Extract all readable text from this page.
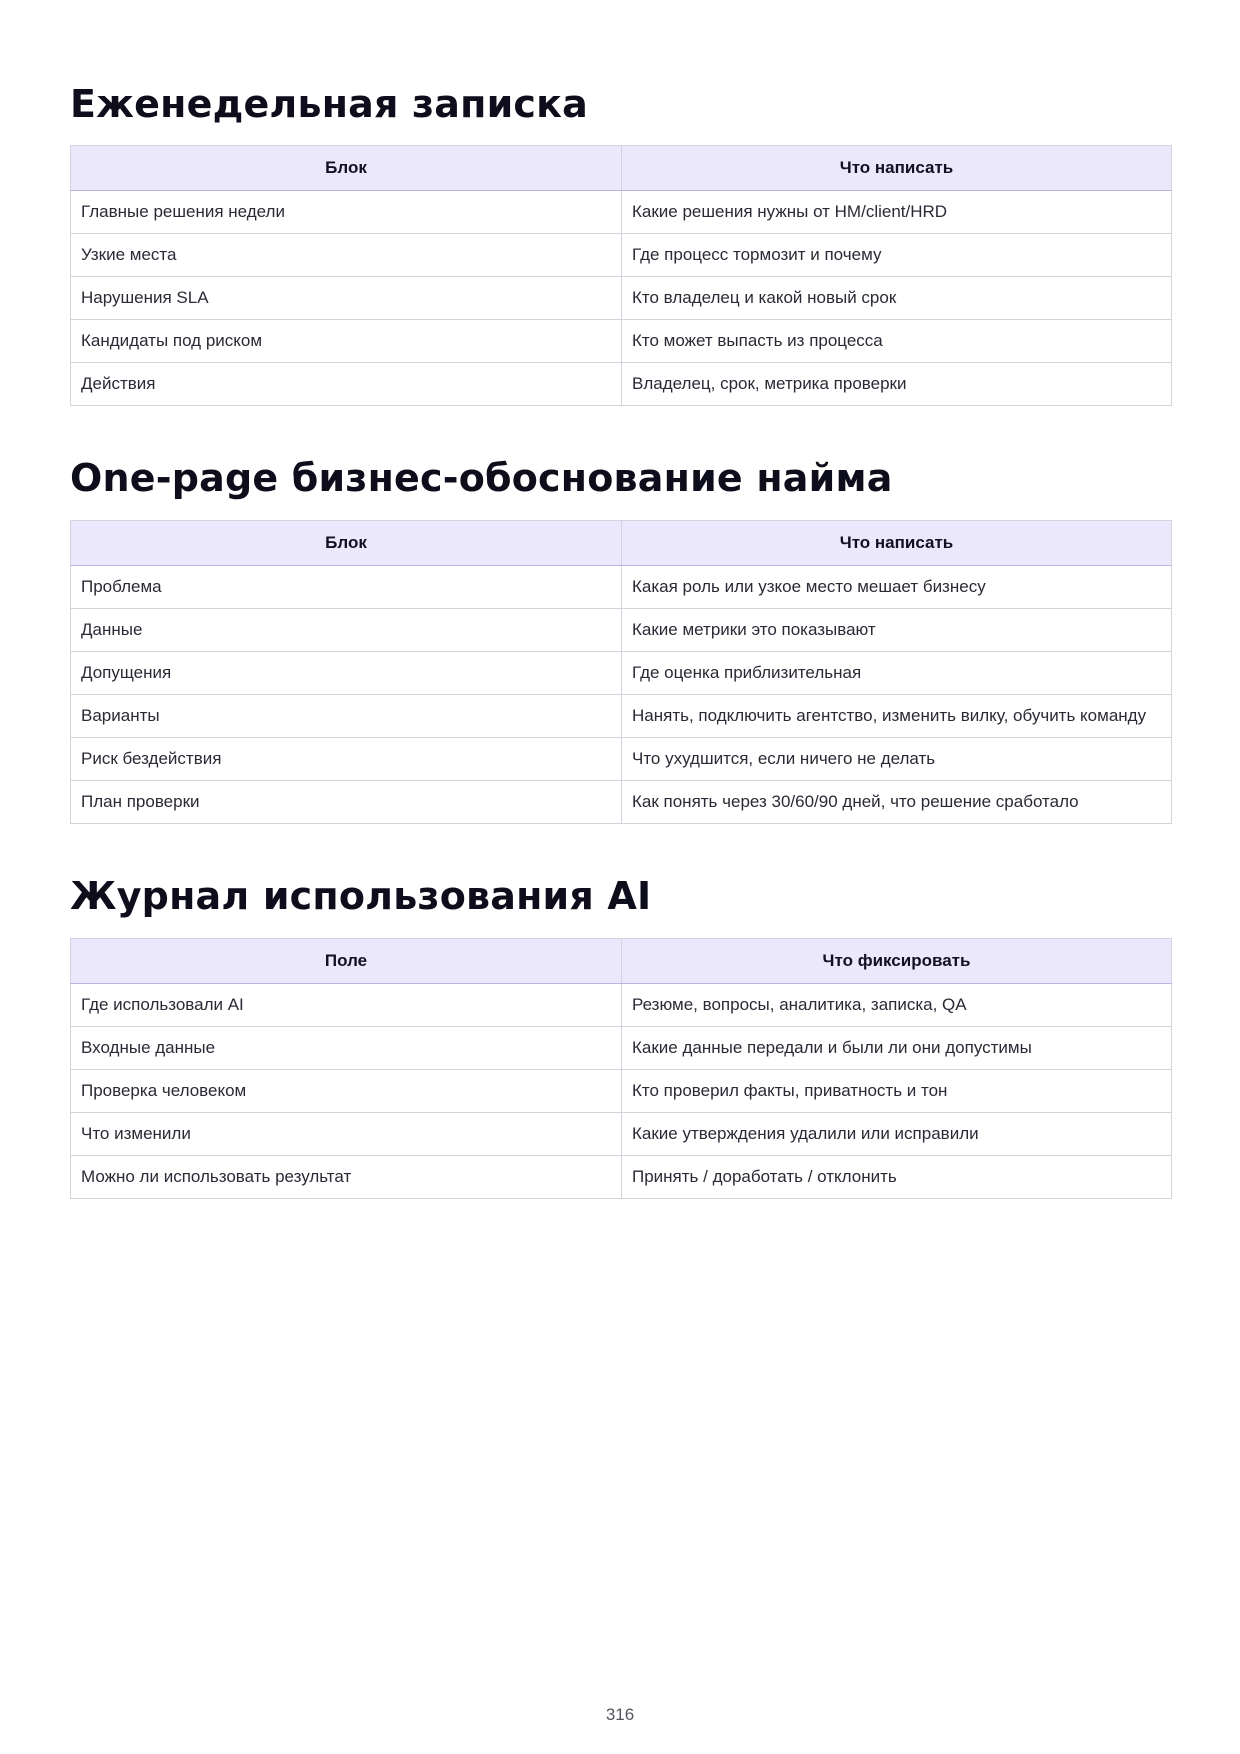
Еженедельная записка
Блок	Что написать
Главные решения недели	Какие решения нужны от HM/client/HRD
Узкие места	Где процесс тормозит и почему
Нарушения SLA	Кто владелец и какой новый срок
Кандидаты под риском	Кто может выпасть из процесса
Действия	Владелец, срок, метрика проверки
One-page бизнес-обоснование найма
Блок	Что написать
Проблема	Какая роль или узкое место мешает бизнесу
Данные	Какие метрики это показывают
Допущения	Где оценка приблизительная
Варианты	Нанять, подключить агентство, изменить вилку, обучить команду
Риск бездействия	Что ухудшится, если ничего не делать
План проверки	Как понять через 30/60/90 дней, что решение сработало
Журнал использования AI
Поле	Что фиксировать
Где использовали AI	Резюме, вопросы, аналитика, записка, QA
Входные данные	Какие данные передали и были ли они допустимы
Проверка человеком	Кто проверил факты, приватность и тон
Что изменили	Какие утверждения удалили или исправили
Можно ли использовать результат	Принять / доработать / отклонить
316
